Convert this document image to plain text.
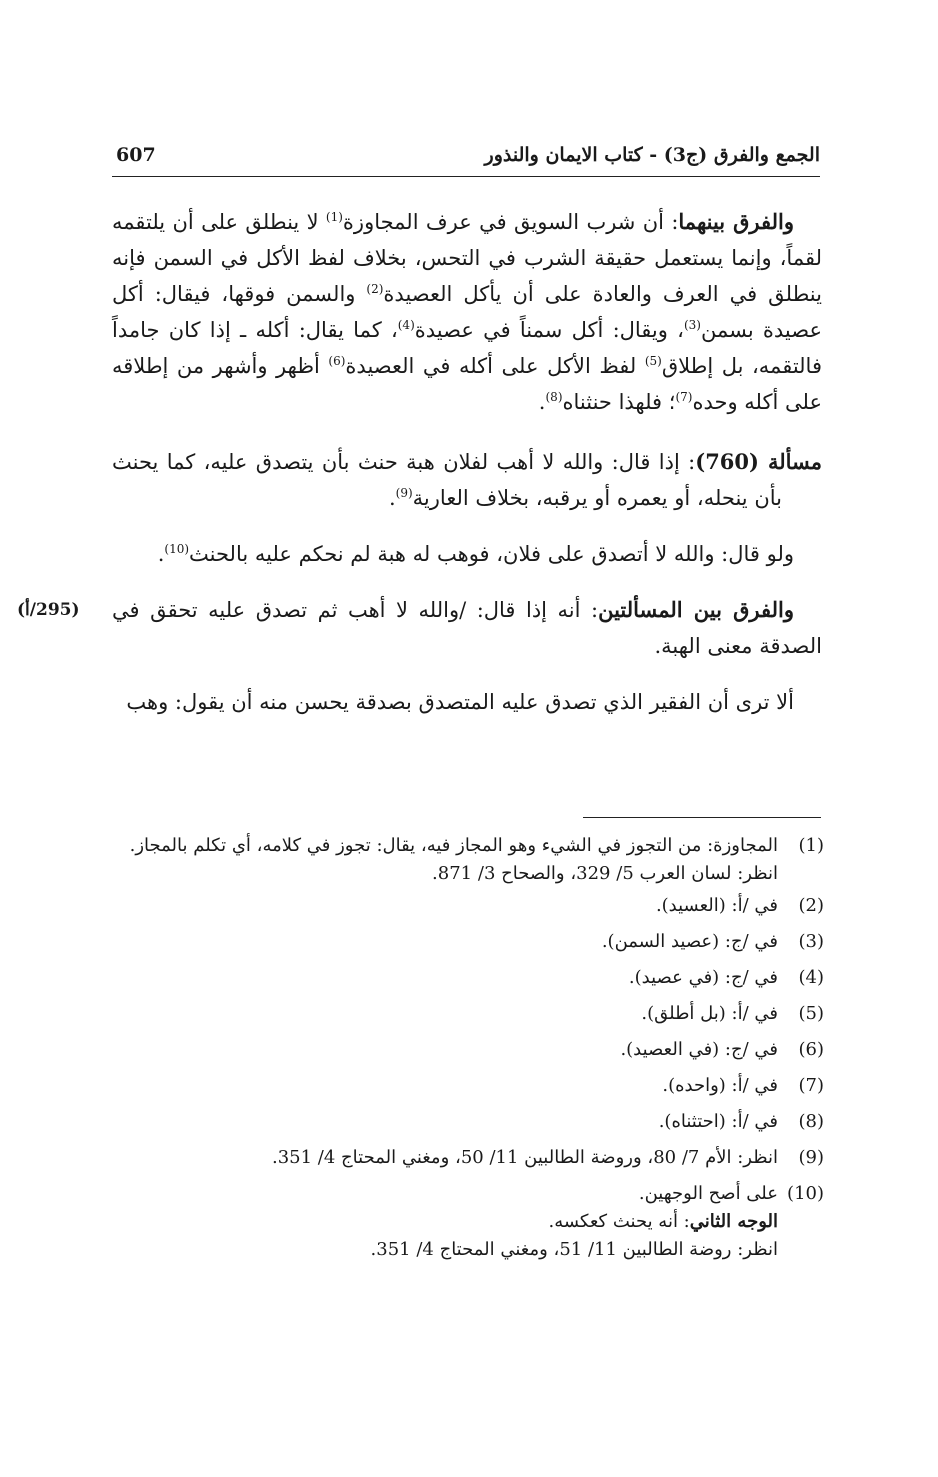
الجمع والفرق (ج3) - كتاب الايمان والنذور
607

والفرق بينهما: أن شرب السويق في عرف المجاوزة$^{(1)}$ لا ينطلق على أن يلتقمه لقماً، وإنما يستعمل حقيقة الشرب في التحس، بخلاف لفظ الأكل في السمن فإنه ينطلق في العرف والعادة على أن يأكل العصيدة$^{(2)}$ والسمن فوقها، فيقال: أكل عصيدة بسمن$^{(3)}$، ويقال: أكل سمناً في عصيدة$^{(4)}$، كما يقال: أكله ـ إذا كان جامداً فالتقمه، بل إطلاق$^{(5)}$ لفظ الأكل على أكله في العصيدة$^{(6)}$ أظهر وأشهر من إطلاقه على أكله وحده$^{(7)}$؛ فلهذا حنثناه$^{(8)}$.

مسألة (760): إذا قال: والله لا أهب لفلان هبة حنث بأن يتصدق عليه، كما يحنث بأن ينحله، أو يعمره أو يرقبه، بخلاف العارية$^{(9)}$.

ولو قال: والله لا أتصدق على فلان، فوهب له هبة لم نحكم عليه بالحنث$^{(10)}$.

(295/أ)	والفرق بين المسألتين: أنه إذا قال: /والله لا أهب ثم تصدق عليه تحقق في الصدقة معنى الهبة.

ألا ترى أن الفقير الذي تصدق عليه المتصدق بصدقة يحسن منه أن يقول: وهب

(1)
المجاوزة: من التجوز في الشيء وهو المجاز فيه، يقال: تجوز في كلامه، أي تكلم بالمجاز.
انظر: لسان العرب 5/ 329، والصحاح 3/ 871.
(2)
في /أ: (العسيد).
(3)
في /ج: (عصيد السمن).
(4)
في /ج: (في عصيد).
(5)
في /أ: (بل أطلق).
(6)
في /ج: (في العصيد).
(7)
في /أ: (واحده).
(8)
في /أ: (احتثناه).
(9)
انظر: الأم 7/ 80، وروضة الطالبين 11/ 50، ومغني المحتاج 4/ 351.
(10)
على أصح الوجهين.
الوجه الثاني: أنه يحنث كعكسه.
انظر: روضة الطالبين 11/ 51، ومغني المحتاج 4/ 351.
